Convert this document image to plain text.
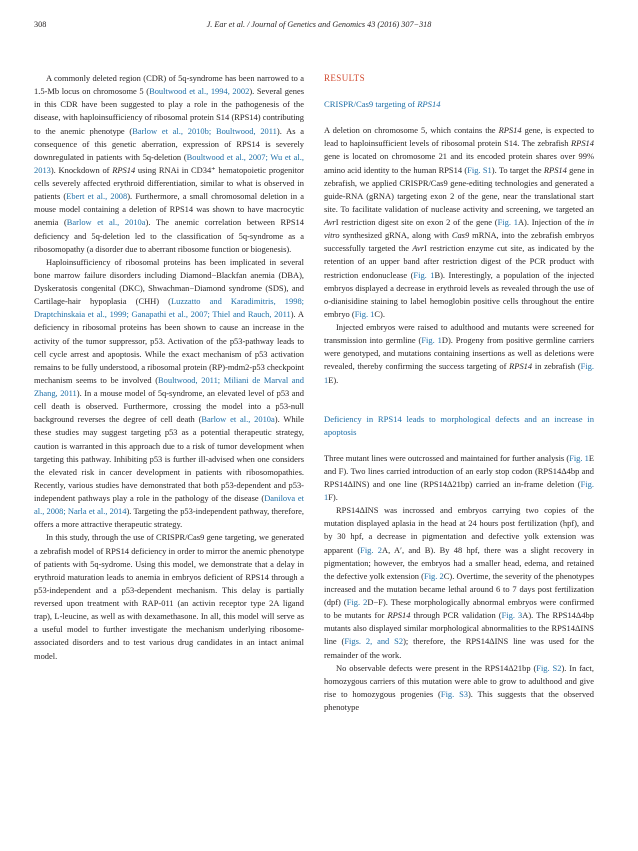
308	J. Ear et al. / Journal of Genetics and Genomics 43 (2016) 307−318

A commonly deleted region (CDR) of 5q-syndrome has been narrowed to a 1.5-Mb locus on chromosome 5 (Boultwood et al., 1994, 2002). Several genes in this CDR have been suggested to play a role in the pathogenesis of the disease, with haploinsufficiency of ribosomal protein S14 (RPS14) contributing to the anemic phenotype (Barlow et al., 2010b; Boultwood, 2011). As a consequence of this genetic aberration, expression of RPS14 is severely downregulated in patients with 5q-deletion (Boultwood et al., 2007; Wu et al., 2013). Knockdown of RPS14 using RNAi in CD34⁺ hematopoietic progenitor cells severely affected erythroid differentiation, similar to what is observed in patients (Ebert et al., 2008). Furthermore, a small chromosomal deletion in a mouse model containing a deletion of RPS14 was shown to have macrocytic anemia (Barlow et al., 2010a). The anemic correlation between RPS14 deficiency and 5q-deletion led to the classification of 5q-syndrome as a ribosomopathy (a disorder due to aberrant ribosome function or biogenesis).

Haploinsufficiency of ribosomal proteins has been implicated in several bone marrow failure disorders including Diamond−Blackfan anemia (DBA), Dyskeratosis congenital (DKC), Shwachman−Diamond syndrome (SDS), and Cartilage-hair hypoplasia (CHH) (Luzzatto and Karadimitris, 1998; Draptchinskaia et al., 1999; Ganapathi et al., 2007; Thiel and Rauch, 2011). A deficiency in ribosomal proteins has been shown to cause an increase in the activity of the tumor suppressor, p53. Activation of the p53-pathway leads to cell cycle arrest and apoptosis. While the exact mechanism of p53 activation remains to be fully understood, a ribosomal protein (RP)-mdm2-p53 checkpoint mechanism seems to be involved (Boultwood, 2011; Miliani de Marval and Zhang, 2011). In a mouse model of 5q-syndrome, an elevated level of p53 and cell death is observed. Furthermore, crossing the model into a p53-null background reverses the degree of cell death (Barlow et al., 2010a). While these studies may suggest targeting p53 as a potential therapeutic strategy, caution is warranted in this approach due to a risk of tumor development when targeting this pathway. Inhibiting p53 is further ill-advised when one considers the elevated risk in cancer development in patients with ribosomopathies. Recently, various studies have demonstrated that both p53-dependent and p53-independent pathways play a role in the pathology of the disease (Danilova et al., 2008; Narla et al., 2014). Targeting the p53-independent pathway, therefore, offers a more attractive therapeutic strategy.

In this study, through the use of CRISPR/Cas9 gene targeting, we generated a zebrafish model of RPS14 deficiency in order to mirror the anemic phenotype of patients with 5q-sydrome. Using this model, we demonstrate that a delay in erythroid maturation leads to anemia in embryos deficient of RPS14 through a p53-independent and a p53-dependent mechanism. This delay is partially reversed upon treatment with RAP-011 (an activin receptor type 2A ligand trap), L-leucine, as well as with dexamethasone. In all, this model will serve as a useful model to further investigate the mechanism underlying ribosome-associated disorders and to test various drug candidates in an intact animal model.

RESULTS
CRISPR/Cas9 targeting of RPS14

A deletion on chromosome 5, which contains the RPS14 gene, is expected to lead to haploinsufficient levels of ribosomal protein S14. The zebrafish RPS14 gene is located on chromosome 21 and its encoded protein shares over 99% amino acid identity to the human RPS14 (Fig. S1). To target the RPS14 gene in zebrafish, we applied CRISPR/Cas9 gene-editing technologies and generated a guide-RNA (gRNA) targeting exon 2 of the gene, near the translational start site. To facilitate validation of nuclease activity and screening, we targeted an AvrI restriction digest site on exon 2 of the gene (Fig. 1A). Injection of the in vitro synthesized gRNA, along with Cas9 mRNA, into the zebrafish embryos successfully targeted the AvrI restriction enzyme cut site, as indicated by the retention of an upper band after restriction digest of the PCR product with restriction endonuclease (Fig. 1B). Interestingly, a population of the injected embryos displayed a decrease in erythroid levels as revealed through the use of o-dianisidine staining to label hemoglobin positive cells throughout the entire embryo (Fig. 1C).

Injected embryos were raised to adulthood and mutants were screened for transmission into germline (Fig. 1D). Progeny from positive germline carriers were genotyped, and mutations containing insertions as well as deletions were revealed, thereby confirming the success targeting of RPS14 in zebrafish (Fig. 1E).

Deficiency in RPS14 leads to morphological defects and an increase in apoptosis

Three mutant lines were outcrossed and maintained for further analysis (Fig. 1E and F). Two lines carried introduction of an early stop codon (RPS14Δ4bp and RPS14ΔINS) and one line (RPS14Δ21bp) carried an in-frame deletion (Fig. 1F).

RPS14ΔINS was incrossed and embryos carrying two copies of the mutation displayed aplasia in the head at 24 hours post fertilization (hpf), and by 30 hpf, a decrease in pigmentation and defective yolk extension was apparent (Fig. 2A, A′, and B). By 48 hpf, there was a slight recovery in pigmentation; however, the embryos had a smaller head, edema, and retained the defective yolk extension (Fig. 2C). Overtime, the severity of the phenotypes increased and the mutation became lethal around 6 to 7 days post fertilization (dpf) (Fig. 2D−F). These morphologically abnormal embryos were confirmed to be mutants for RPS14 through PCR validation (Fig. 3A). The RPS14Δ4bp mutants also displayed similar morphological abnormalities to the RPS14ΔINS line (Figs. 2, and S2); therefore, the RPS14ΔINS line was used for the remainder of the work.

No observable defects were present in the RPS14Δ21bp (Fig. S2). In fact, homozygous carriers of this mutation were able to grow to adulthood and give rise to homozygous progenies (Fig. S3). This suggests that the observed phenotype
